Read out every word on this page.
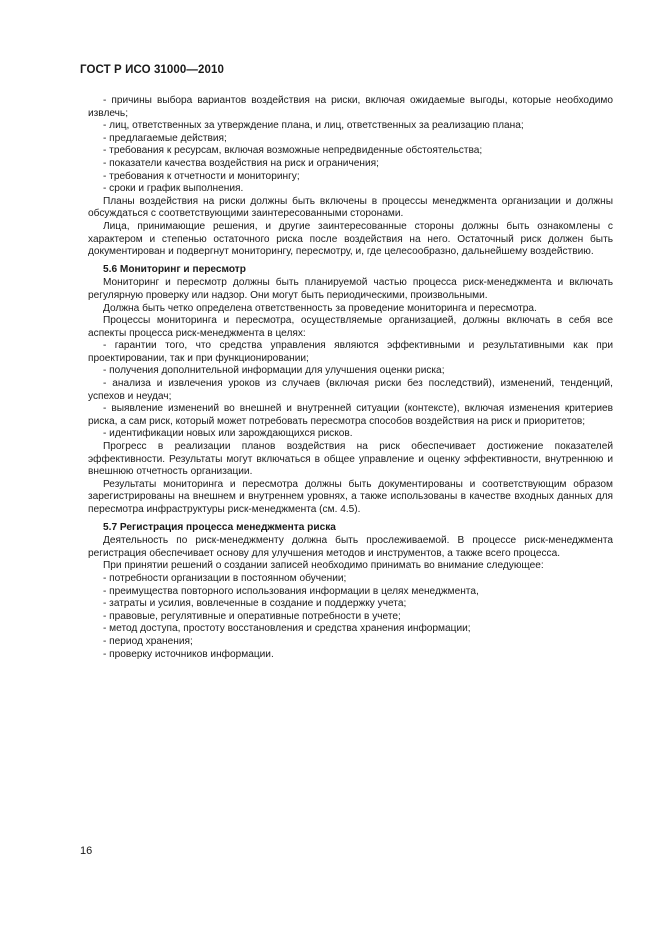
ГОСТ Р ИСО 31000—2010

- причины выбора вариантов воздействия на риски, включая ожидаемые выгоды, которые необходимо извлечь;

- лиц, ответственных за утверждение плана, и лиц, ответственных за реализацию плана;

- предлагаемые действия;

- требования к ресурсам, включая возможные непредвиденные обстоятельства;

- показатели качества воздействия на риск и ограничения;

- требования к отчетности и мониторингу;

- сроки и график выполнения.

Планы воздействия на риски должны быть включены в процессы менеджмента организации и должны обсуждаться с соответствующими заинтересованными сторонами.

Лица, принимающие решения, и другие заинтересованные стороны должны быть ознакомлены с характером и степенью остаточного риска после воздействия на него. Остаточный риск должен быть документирован и подвергнут мониторингу, пересмотру, и, где целесообразно, дальнейшему воздействию.

5.6 Мониторинг и пересмотр

Мониторинг и пересмотр должны быть планируемой частью процесса риск-менеджмента и включать регулярную проверку или надзор. Они могут быть периодическими, произвольными.

Должна быть четко определена ответственность за проведение мониторинга и пересмотра.

Процессы мониторинга и пересмотра, осуществляемые организацией, должны включать в себя все аспекты процесса риск-менеджмента в целях:

- гарантии того, что средства управления являются эффективными и результативными как при проектировании, так и при функционировании;

- получения дополнительной информации для улучшения оценки риска;

- анализа и извлечения уроков из случаев (включая риски без последствий), изменений, тенденций, успехов и неудач;

- выявление изменений во внешней и внутренней ситуации (контексте), включая изменения критериев риска, а сам риск, который может потребовать пересмотра способов воздействия на риск и приоритетов;

- идентификации новых или зарождающихся рисков.

Прогресс в реализации планов воздействия на риск обеспечивает достижение показателей эффективности. Результаты могут включаться в общее управление и оценку эффективности, внутреннюю и внешнюю отчетность организации.

Результаты мониторинга и пересмотра должны быть документированы и соответствующим образом зарегистрированы на внешнем и внутреннем уровнях, а также использованы в качестве входных данных для пересмотра инфраструктуры риск-менеджмента (см. 4.5).

5.7 Регистрация процесса менеджмента риска

Деятельность по риск-менеджменту должна быть прослеживаемой. В процессе риск-менеджмента регистрация обеспечивает основу для улучшения методов и инструментов, а также всего процесса.

При принятии решений о создании записей необходимо принимать во внимание следующее:

- потребности организации в постоянном обучении;

- преимущества повторного использования информации в целях менеджмента,

- затраты и усилия, вовлеченные в создание и поддержку учета;

- правовые, регулятивные и оперативные потребности в учете;

- метод доступа, простоту восстановления и средства хранения информации;

- период хранения;

- проверку источников информации.

16
